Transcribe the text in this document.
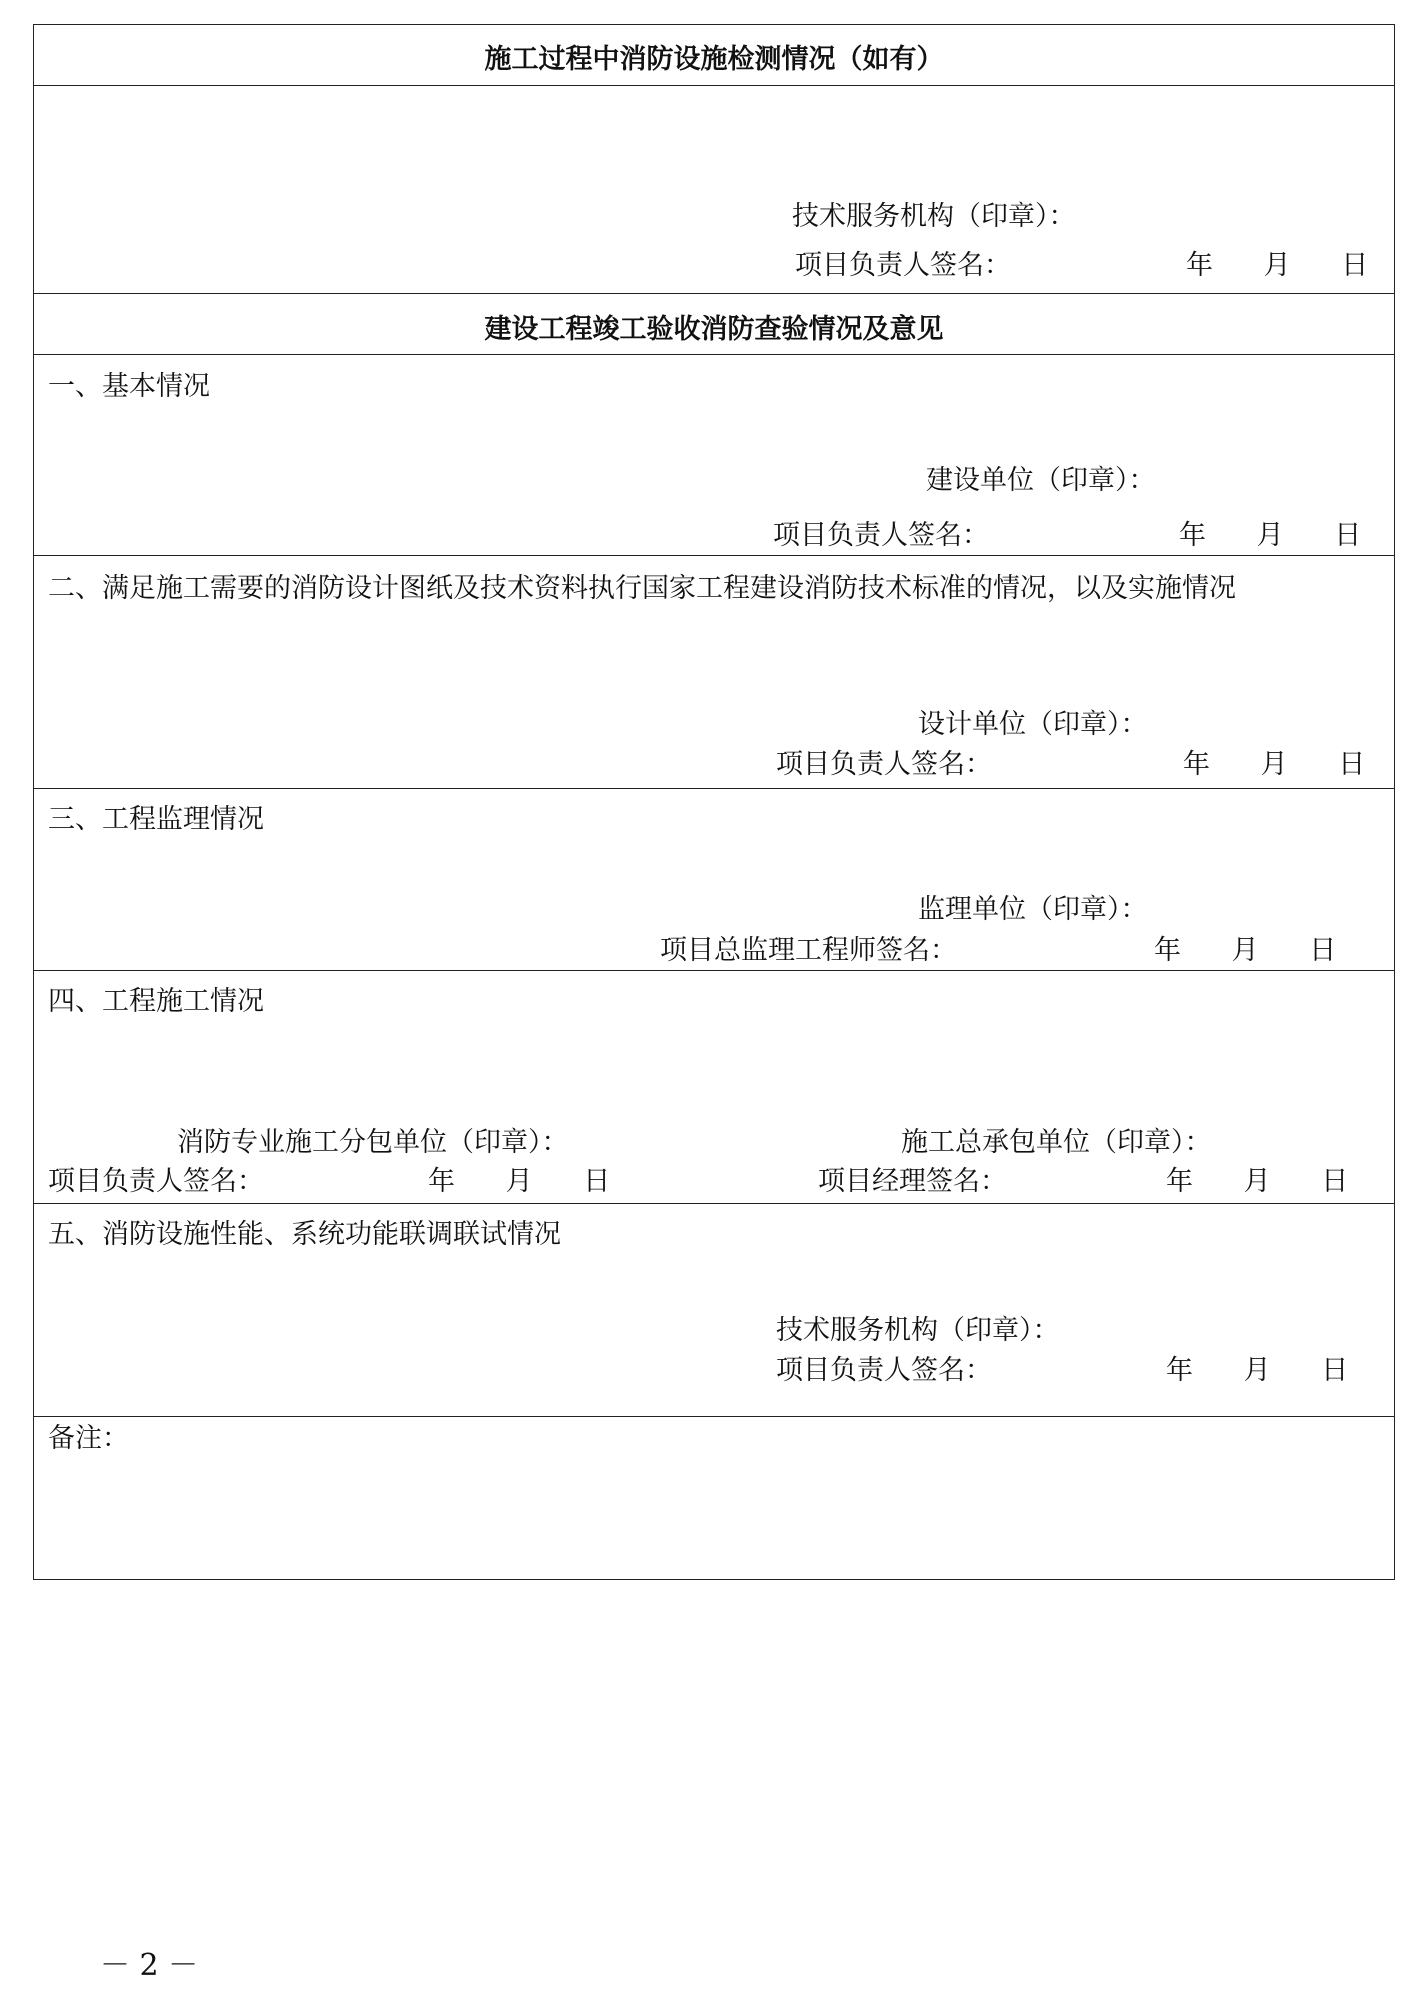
施工过程中消防设施检测情况（如有）
技术服务机构（印章）：
项目负责人签名：	年 月 日
建设工程竣工验收消防查验情况及意见
一、基本情况
建设单位（印章）：
项目负责人签名：	年 月 日
二、满足施工需要的消防设计图纸及技术资料执行国家工程建设消防技术标准的情况，以及实施情况
设计单位（印章）：
项目负责人签名：	年 月 日
三、工程监理情况
监理单位（印章）：
项目总监理工程师签名：	年 月 日
四、工程施工情况
消防专业施工分包单位（印章）：
项目负责人签名：	年 月 日
施工总承包单位（印章）：
项目经理签名：	年 月 日
五、消防设施性能、系统功能联调联试情况
技术服务机构（印章）：
项目负责人签名：	年 月 日
备注：
－ 2 －
